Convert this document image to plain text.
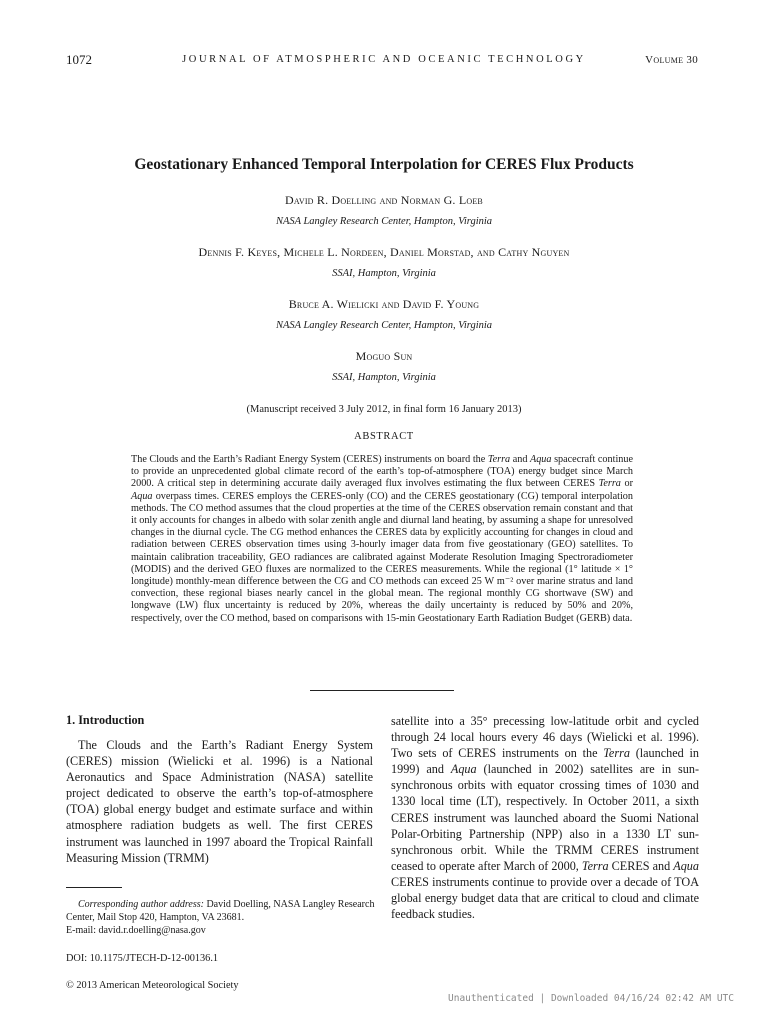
1072	JOURNAL OF ATMOSPHERIC AND OCEANIC TECHNOLOGY	Volume 30
Geostationary Enhanced Temporal Interpolation for CERES Flux Products
David R. Doelling and Norman G. Loeb
NASA Langley Research Center, Hampton, Virginia
Dennis F. Keyes, Michele L. Nordeen, Daniel Morstad, and Cathy Nguyen
SSAI, Hampton, Virginia
Bruce A. Wielicki and David F. Young
NASA Langley Research Center, Hampton, Virginia
Moguo Sun
SSAI, Hampton, Virginia
(Manuscript received 3 July 2012, in final form 16 January 2013)
ABSTRACT

The Clouds and the Earth’s Radiant Energy System (CERES) instruments on board the Terra and Aqua spacecraft continue to provide an unprecedented global climate record of the earth’s top-of-atmosphere (TOA) energy budget since March 2000. A critical step in determining accurate daily averaged flux involves estimating the flux between CERES Terra or Aqua overpass times. CERES employs the CERES-only (CO) and the CERES geostationary (CG) temporal interpolation methods. The CO method assumes that the cloud properties at the time of the CERES observation remain constant and that it only accounts for changes in albedo with solar zenith angle and diurnal land heating, by assuming a shape for unresolved changes in the diurnal cycle. The CG method enhances the CERES data by explicitly accounting for changes in cloud and radiation between CERES observation times using 3-hourly imager data from five geostationary (GEO) satellites. To maintain calibration traceability, GEO radiances are calibrated against Moderate Resolution Imaging Spectroradiometer (MODIS) and the derived GEO fluxes are normalized to the CERES measurements. While the regional (1° latitude × 1° longitude) monthly-mean difference between the CG and CO methods can exceed 25 W m⁻² over marine stratus and land convection, these regional biases nearly cancel in the global mean. The regional monthly CG shortwave (SW) and longwave (LW) flux uncertainty is reduced by 20%, whereas the daily uncertainty is reduced by 50% and 20%, respectively, over the CO method, based on comparisons with 15-min Geostationary Earth Radiation Budget (GERB) data.

1. Introduction

The Clouds and the Earth’s Radiant Energy System (CERES) mission (Wielicki et al. 1996) is a National Aeronautics and Space Administration (NASA) satellite project dedicated to observe the earth’s top-of-atmosphere (TOA) global energy budget and estimate surface and within atmosphere radiation budgets as well. The first CERES instrument was launched in 1997 aboard the Tropical Rainfall Measuring Mission (TRMM)

satellite into a 35° precessing low-latitude orbit and cycled through 24 local hours every 46 days (Wielicki et al. 1996). Two sets of CERES instruments on the Terra (launched in 1999) and Aqua (launched in 2002) satellites are in sun-synchronous orbits with equator crossing times of 1030 and 1330 local time (LT), respectively. In October 2011, a sixth CERES instrument was launched aboard the Suomi National Polar-Orbiting Partnership (NPP) also in a 1330 LT sun-synchronous orbit. While the TRMM CERES instrument ceased to operate after March of 2000, Terra CERES and Aqua CERES instruments continue to provide over a decade of TOA global energy budget data that are critical to cloud and climate feedback studies.

Corresponding author address: David Doelling, NASA Langley Research Center, Mail Stop 420, Hampton, VA 23681.
E-mail: david.r.doelling@nasa.gov

DOI: 10.1175/JTECH-D-12-00136.1
© 2013 American Meteorological Society
Unauthenticated | Downloaded 04/16/24 02:42 AM UTC
